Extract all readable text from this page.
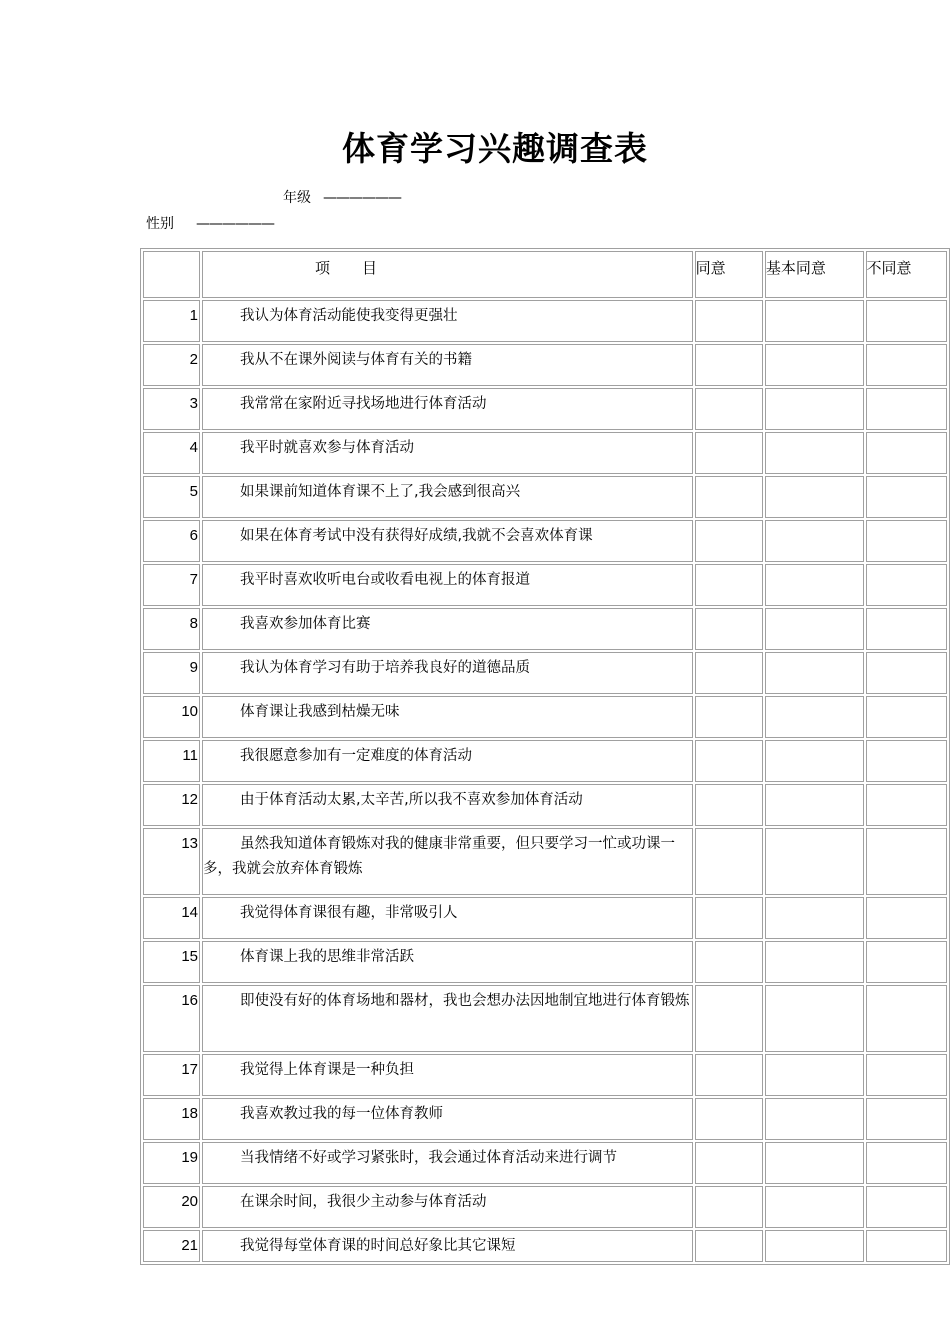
体育学习兴趣调查表
年级 ——————
性别 ——————
	项 目	同意	基本同意	不同意
1	我认为体育活动能使我变得更强壮			
2	我从不在课外阅读与体育有关的书籍			
3	我常常在家附近寻找场地进行体育活动			
4	我平时就喜欢参与体育活动			
5	如果课前知道体育课不上了,我会感到很高兴			
6	如果在体育考试中没有获得好成绩,我就不会喜欢体育课			
7	我平时喜欢收听电台或收看电视上的体育报道			
8	我喜欢参加体育比赛			
9	我认为体育学习有助于培养我良好的道德品质			
10	体育课让我感到枯燥无味			
11	我很愿意参加有一定难度的体育活动			
12	由于体育活动太累,太辛苦,所以我不喜欢参加体育活动			
13	虽然我知道体育锻炼对我的健康非常重要，但只要学习一忙或功课一多，我就会放弃体育锻炼			
14	我觉得体育课很有趣，非常吸引人			
15	体育课上我的思维非常活跃			
16	即使没有好的体育场地和器材，我也会想办法因地制宜地进行体育锻炼			
17	我觉得上体育课是一种负担			
18	我喜欢教过我的每一位体育教师			
19	当我情绪不好或学习紧张时，我会通过体育活动来进行调节			
20	在课余时间，我很少主动参与体育活动			
21	我觉得每堂体育课的时间总好象比其它课短			
